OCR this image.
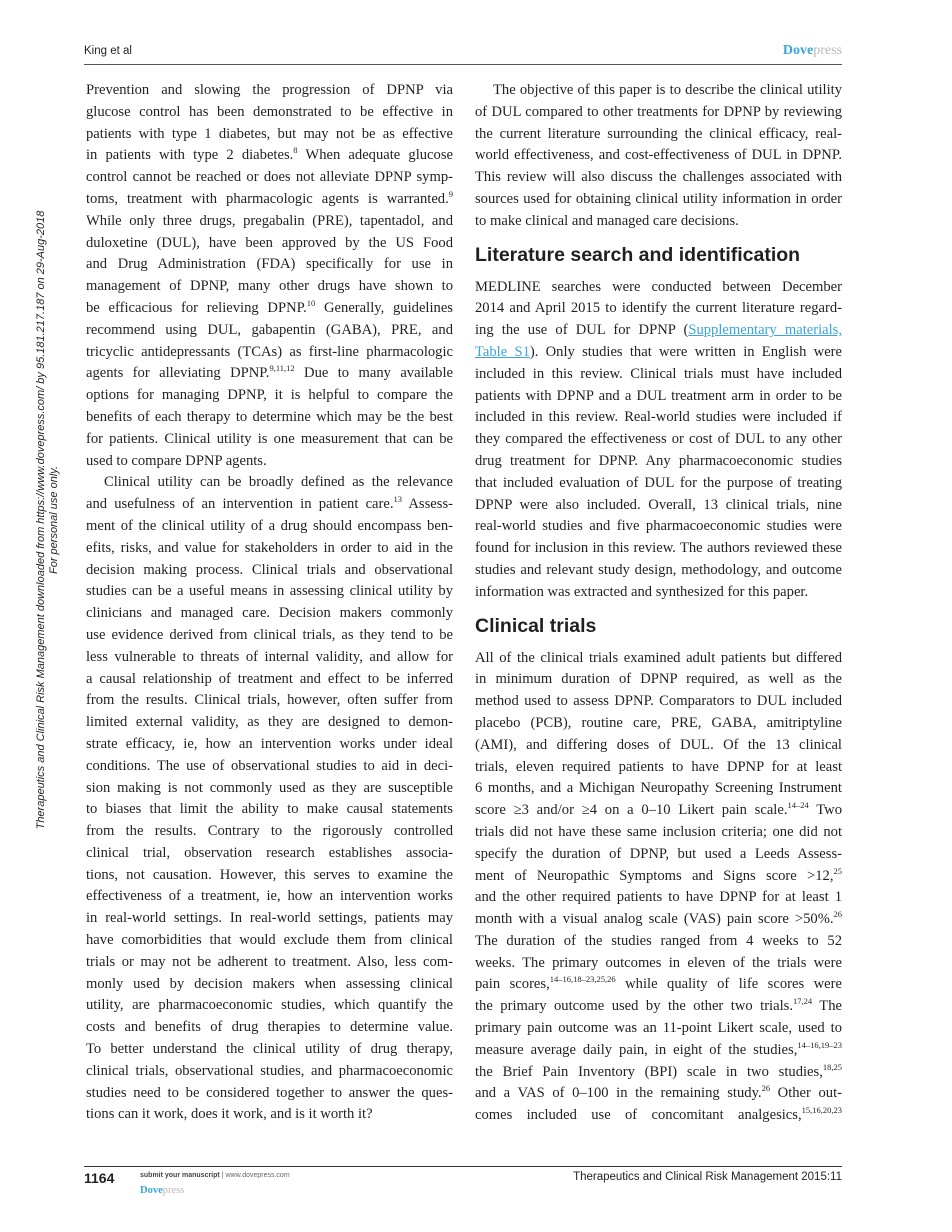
King et al	Dovepress
Therapeutics and Clinical Risk Management downloaded from https://www.dovepress.com/ by 95.181.217.187 on 29-Aug-2018 For personal use only.
Prevention and slowing the progression of DPNP via
glucose control has been demonstrated to be effective in
patients with type 1 diabetes, but may not be as effective
in patients with type 2 diabetes.$^8$ When adequate glucose
control cannot be reached or does not alleviate DPNP symp-
toms, treatment with pharmacologic agents is warranted.$^9$
While only three drugs, pregabalin (PRE), tapentadol, and
duloxetine (DUL), have been approved by the US Food
and Drug Administration (FDA) specifically for use in
management of DPNP, many other drugs have shown to
be efficacious for relieving DPNP.$^{10}$ Generally, guidelines
recommend using DUL, gabapentin (GABA), PRE, and
tricyclic antidepressants (TCAs) as first-line pharmacologic
agents for alleviating DPNP.$^{9,11,12}$ Due to many available
options for managing DPNP, it is helpful to compare the
benefits of each therapy to determine which may be the best
for patients. Clinical utility is one measurement that can be
used to compare DPNP agents.
Clinical utility can be broadly defined as the relevance
and usefulness of an intervention in patient care.$^{13}$ Assess-
ment of the clinical utility of a drug should encompass ben-
efits, risks, and value for stakeholders in order to aid in the
decision making process. Clinical trials and observational
studies can be a useful means in assessing clinical utility by
clinicians and managed care. Decision makers commonly
use evidence derived from clinical trials, as they tend to be
less vulnerable to threats of internal validity, and allow for
a causal relationship of treatment and effect to be inferred
from the results. Clinical trials, however, often suffer from
limited external validity, as they are designed to demon-
strate efficacy, ie, how an intervention works under ideal
conditions. The use of observational studies to aid in deci-
sion making is not commonly used as they are susceptible
to biases that limit the ability to make causal statements
from the results. Contrary to the rigorously controlled
clinical trial, observation research establishes associa-
tions, not causation. However, this serves to examine the
effectiveness of a treatment, ie, how an intervention works
in real-world settings. In real-world settings, patients may
have comorbidities that would exclude them from clinical
trials or may not be adherent to treatment. Also, less com-
monly used by decision makers when assessing clinical
utility, are pharmacoeconomic studies, which quantify the
costs and benefits of drug therapies to determine value.
To better understand the clinical utility of drug therapy,
clinical trials, observational studies, and pharmacoeconomic
studies need to be considered together to answer the ques-
tions can it work, does it work, and is it worth it?
The objective of this paper is to describe the clinical utility
of DUL compared to other treatments for DPNP by reviewing
the current literature surrounding the clinical efficacy, real-
world effectiveness, and cost-effectiveness of DUL in DPNP.
This review will also discuss the challenges associated with
sources used for obtaining clinical utility information in order
to make clinical and managed care decisions.
Literature search and identification
MEDLINE searches were conducted between December
2014 and April 2015 to identify the current literature regard-
ing the use of DUL for DPNP (Supplementary materials,
Table S1). Only studies that were written in English were
included in this review. Clinical trials must have included
patients with DPNP and a DUL treatment arm in order to be
included in this review. Real-world studies were included if
they compared the effectiveness or cost of DUL to any other
drug treatment for DPNP. Any pharmacoeconomic studies
that included evaluation of DUL for the purpose of treating
DPNP were also included. Overall, 13 clinical trials, nine
real-world studies and five pharmacoeconomic studies were
found for inclusion in this review. The authors reviewed these
studies and relevant study design, methodology, and outcome
information was extracted and synthesized for this paper.
Clinical trials
All of the clinical trials examined adult patients but differed
in minimum duration of DPNP required, as well as the
method used to assess DPNP. Comparators to DUL included
placebo (PCB), routine care, PRE, GABA, amitriptyline
(AMI), and differing doses of DUL. Of the 13 clinical
trials, eleven required patients to have DPNP for at least
6 months, and a Michigan Neuropathy Screening Instrument
score ≥3 and/or ≥4 on a 0–10 Likert pain scale.$^{14-24}$ Two
trials did not have these same inclusion criteria; one did not
specify the duration of DPNP, but used a Leeds Assess-
ment of Neuropathic Symptoms and Signs score >12,25
and the other required patients to have DPNP for at least 1
month with a visual analog scale (VAS) pain score >50%.$^{26}$
The duration of the studies ranged from 4 weeks to 52
weeks. The primary outcomes in eleven of the trials were
pain scores,$^{14-16,18-23,25,26}$ while quality of life scores were
the primary outcome used by the other two trials.$^{17,24}$ The
primary pain outcome was an 11-point Likert scale, used to
measure average daily pain, in eight of the studies,$^{14-16,19-23}$
the Brief Pain Inventory (BPI) scale in two studies,$^{18,25}$
and a VAS of 0–100 in the remaining study.$^{26}$ Other out-
comes included use of concomitant analgesics,$^{15,16,20,23}$
1164	submit your manuscript | www.dovepress.com
Dovepress
Therapeutics and Clinical Risk Management 2015:11
